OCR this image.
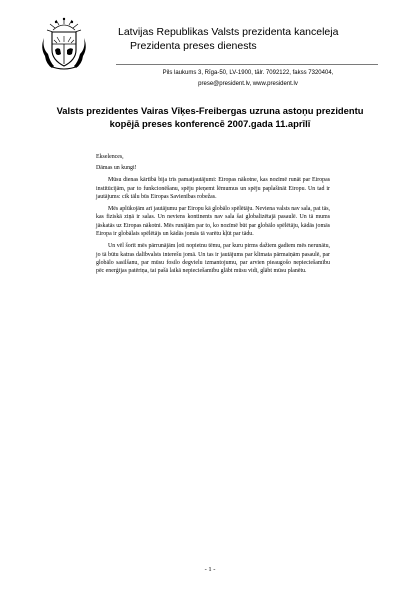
Latvijas Republikas Valsts prezidenta kanceleja
Prezidenta preses dienests
Pils laukums 3, Rīga-50, LV-1900, tālr. 7092122, fakss 7320404,
prese@president.lv, www.president.lv
Valsts prezidentes Vairas Vīķes-Freibergas uzruna astoņu prezidentu
kopējā preses konferencē 2007.gada 11.aprīlī

Ekselences,

Dāmas un kungi!

Mūsu dienas kārtībā bija trīs pamatjautājumi: Eiropas nākotne, kas nozīmē runāt par Eiropas institūcijām, par to funkcionēšanu, spēju pieņemt lēmumus un spēju paplašināt Eiropu. Un tad ir jautājums: cik tālu būs Eiropas Savienības robežas.

Mēs aplūkojām arī jautājumu par Eiropu kā globālo spēlētāju. Neviena valsts nav sala, pat tās, kas fiziskā ziņā ir salas. Un neviens kontinents nav sala šai globalizētajā pasaulē. Un tā mums jāskatās uz Eiropas nākotni. Mēs runājām par to, ko nozīmē būt par globālo spēlētāju, kādās jomās Eiropa ir globālais spēlētājs un kādās jomās tā varētu kļūt par tādu.

Un vēl šorīt mēs pārrunājām ļoti nopietnu tēmu, par kuru pirms dažiem gadiem mēs nerunātu, jo tā būtu katras dalībvalsts interešu jomā. Un tas ir jautājums par klimata pārmaiņām pasaulē, par globālo sasilšanu, par mūsu fosilo degvielu izmantojumu, par arvien pieaugošo nepieciešamību pēc enerģijas patēriņa, tai pašā laikā nepieciešamību glābt mūsu vidi, glābt mūsu planētu.

- 1 -
